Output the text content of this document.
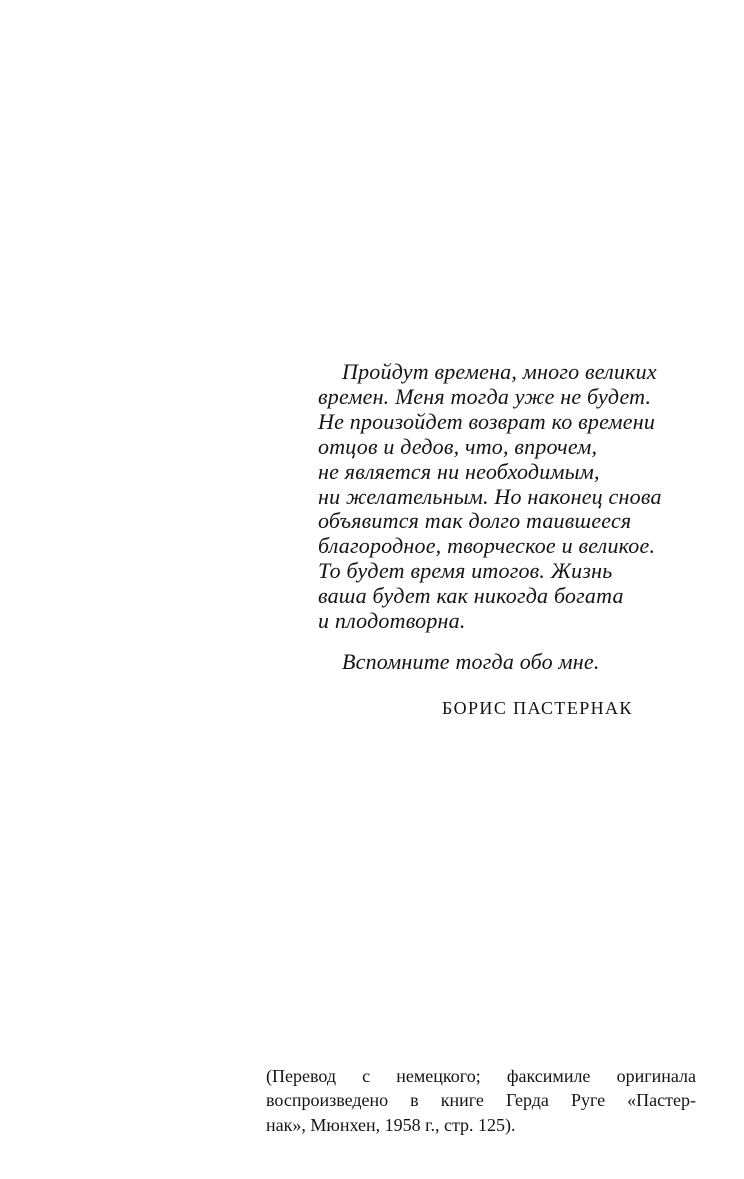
Пройдут времена, много великих
времен. Меня тогда уже не будет.
Не произойдет возврат ко времени
отцов и дедов, что, впрочем,
не является ни необходимым,
ни желательным. Но наконец снова
объявится так долго таившееся
благородное, творческое и великое.
То будет время итогов. Жизнь
ваша будет как никогда богата
и плодотворна.
Вспомните тогда обо мне.
БОРИС ПАСТЕРНАК
(Перевод с немецкого; факсимиле оригинала
воспроизведено в книге Герда Руге «Пастер-
нак», Мюнхен, 1958 г., стр. 125).
